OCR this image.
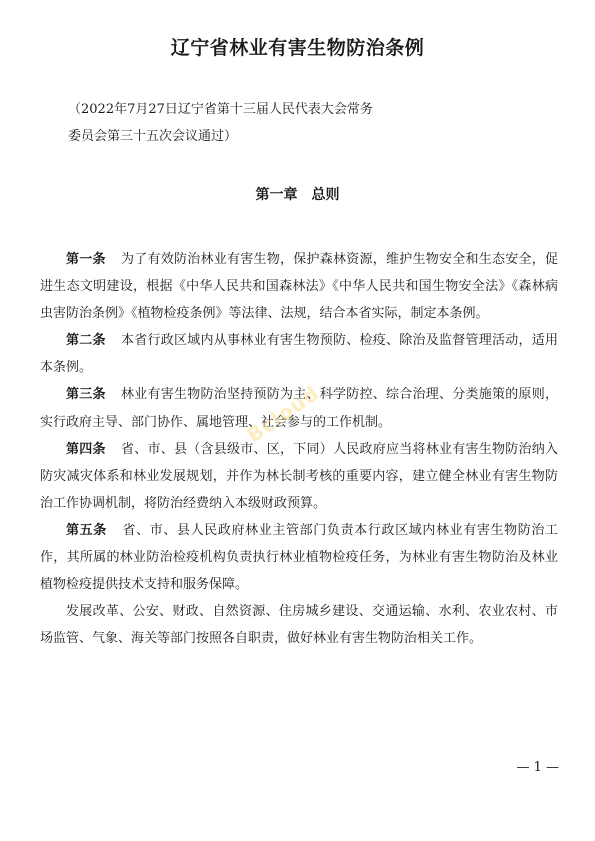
辽宁省林业有害生物防治条例
（2022年7月27日辽宁省第十三届人民代表大会常务
委员会第三十五次会议通过）
第一章　总则

第一条 为了有效防治林业有害生物，保护森林资源，维护生物安全和生态安全，促进生态文明建设，根据《中华人民共和国森林法》《中华人民共和国生物安全法》《森林病虫害防治条例》《植物检疫条例》等法律、法规，结合本省实际，制定本条例。

第二条 本省行政区域内从事林业有害生物预防、检疫、除治及监督管理活动，适用本条例。

第三条 林业有害生物防治坚持预防为主、科学防控、综合治理、分类施策的原则，实行政府主导、部门协作、属地管理、社会参与的工作机制。

第四条 省、市、县（含县级市、区，下同）人民政府应当将林业有害生物防治纳入防灾减灾体系和林业发展规划，并作为林长制考核的重要内容，建立健全林业有害生物防治工作协调机制，将防治经费纳入本级财政预算。

第五条 省、市、县人民政府林业主管部门负责本行政区域内林业有害生物防治工作，其所属的林业防治检疫机构负责执行林业植物检疫任务，为林业有害生物防治及林业植物检疫提供技术支持和服务保障。

发展改革、公安、财政、自然资源、住房城乡建设、交通运输、水利、农业农村、市场监管、气象、海关等部门按照各自职责，做好林业有害生物防治相关工作。

Bcloud
— 1 —
